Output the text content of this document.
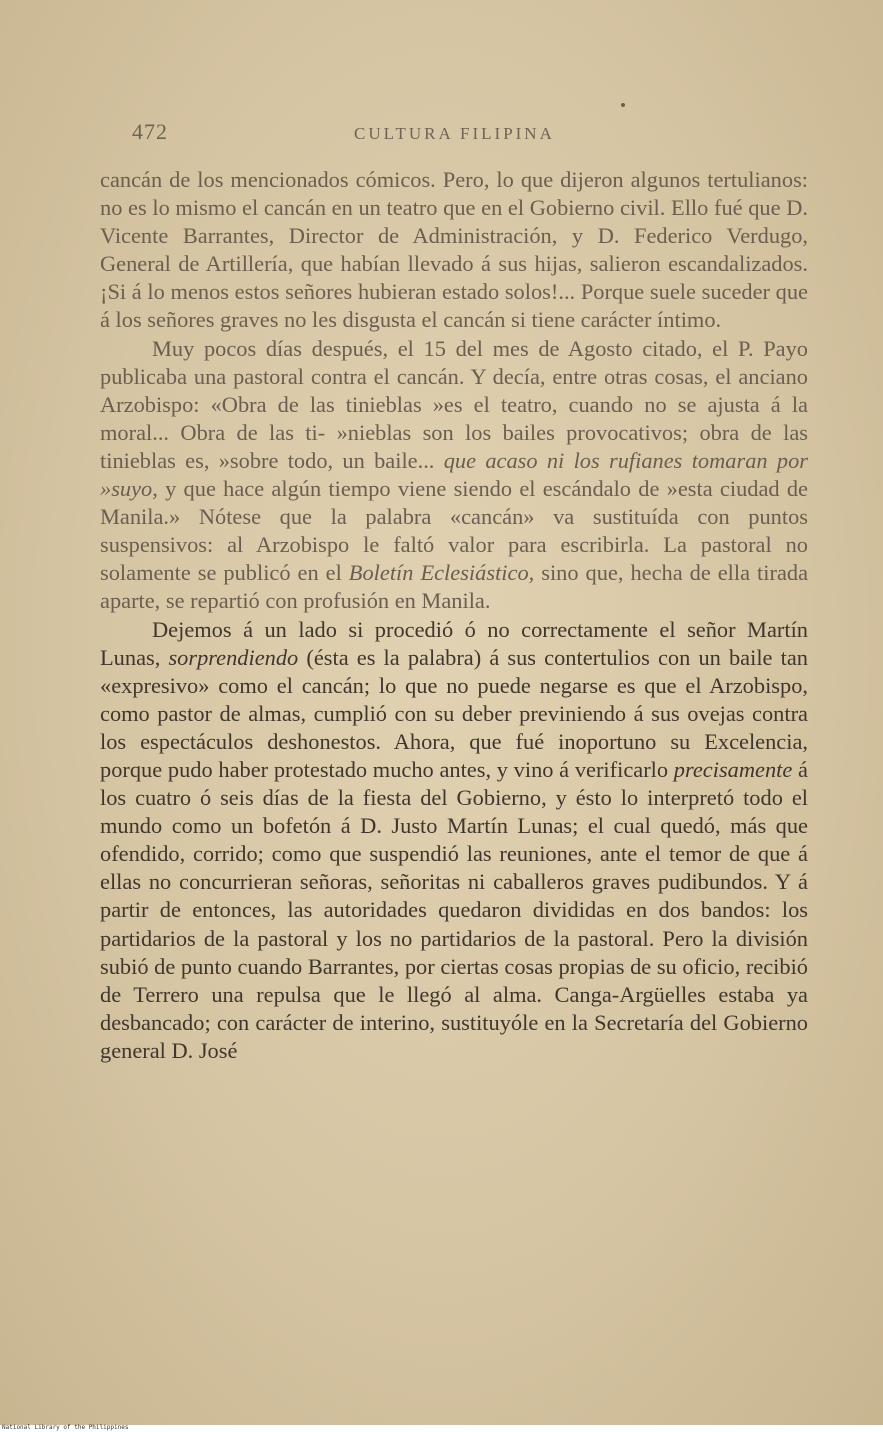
472	CULTURA FILIPINA

cancán de los mencionados cómicos. Pero, lo que dijeron algunos tertulianos: no es lo mismo el cancán en un teatro que en el Gobierno civil. Ello fué que D. Vicente Barrantes, Director de Administración, y D. Federico Verdugo, General de Artillería, que habían llevado á sus hijas, salieron escandalizados. ¡Si á lo menos estos señores hubieran estado solos!... Porque suele suceder que á los señores graves no les disgusta el cancán si tiene carácter íntimo.

Muy pocos días después, el 15 del mes de Agosto citado, el P. Payo publicaba una pastoral contra el cancán. Y decía, entre otras cosas, el anciano Arzobispo: «Obra de las tinieblas »es el teatro, cuando no se ajusta á la moral... Obra de las ti- »nieblas son los bailes provocativos; obra de las tinieblas es, »sobre todo, un baile... que acaso ni los rufianes tomaran por »suyo, y que hace algún tiempo viene siendo el escándalo de »esta ciudad de Manila.» Nótese que la palabra «cancán» va sustituída con puntos suspensivos: al Arzobispo le faltó valor para escribirla. La pastoral no solamente se publicó en el Boletín Eclesiástico, sino que, hecha de ella tirada aparte, se repartió con profusión en Manila.

Dejemos á un lado si procedió ó no correctamente el señor Martín Lunas, sorprendiendo (ésta es la palabra) á sus contertulios con un baile tan «expresivo» como el cancán; lo que no puede negarse es que el Arzobispo, como pastor de almas, cumplió con su deber previniendo á sus ovejas contra los espectáculos deshonestos. Ahora, que fué inoportuno su Excelencia, porque pudo haber protestado mucho antes, y vino á verificarlo precisamente á los cuatro ó seis días de la fiesta del Gobierno, y ésto lo interpretó todo el mundo como un bofetón á D. Justo Martín Lunas; el cual quedó, más que ofendido, corrido; como que suspendió las reuniones, ante el temor de que á ellas no concurrieran señoras, señoritas ni caballeros graves pudibundos. Y á partir de entonces, las autoridades quedaron divididas en dos bandos: los partidarios de la pastoral y los no partidarios de la pastoral. Pero la división subió de punto cuando Barrantes, por ciertas cosas propias de su oficio, recibió de Terrero una repulsa que le llegó al alma. Canga-Argüelles estaba ya desbancado; con carácter de interino, sustituyóle en la Secretaría del Gobierno general D. José

National Library of the Philippines
